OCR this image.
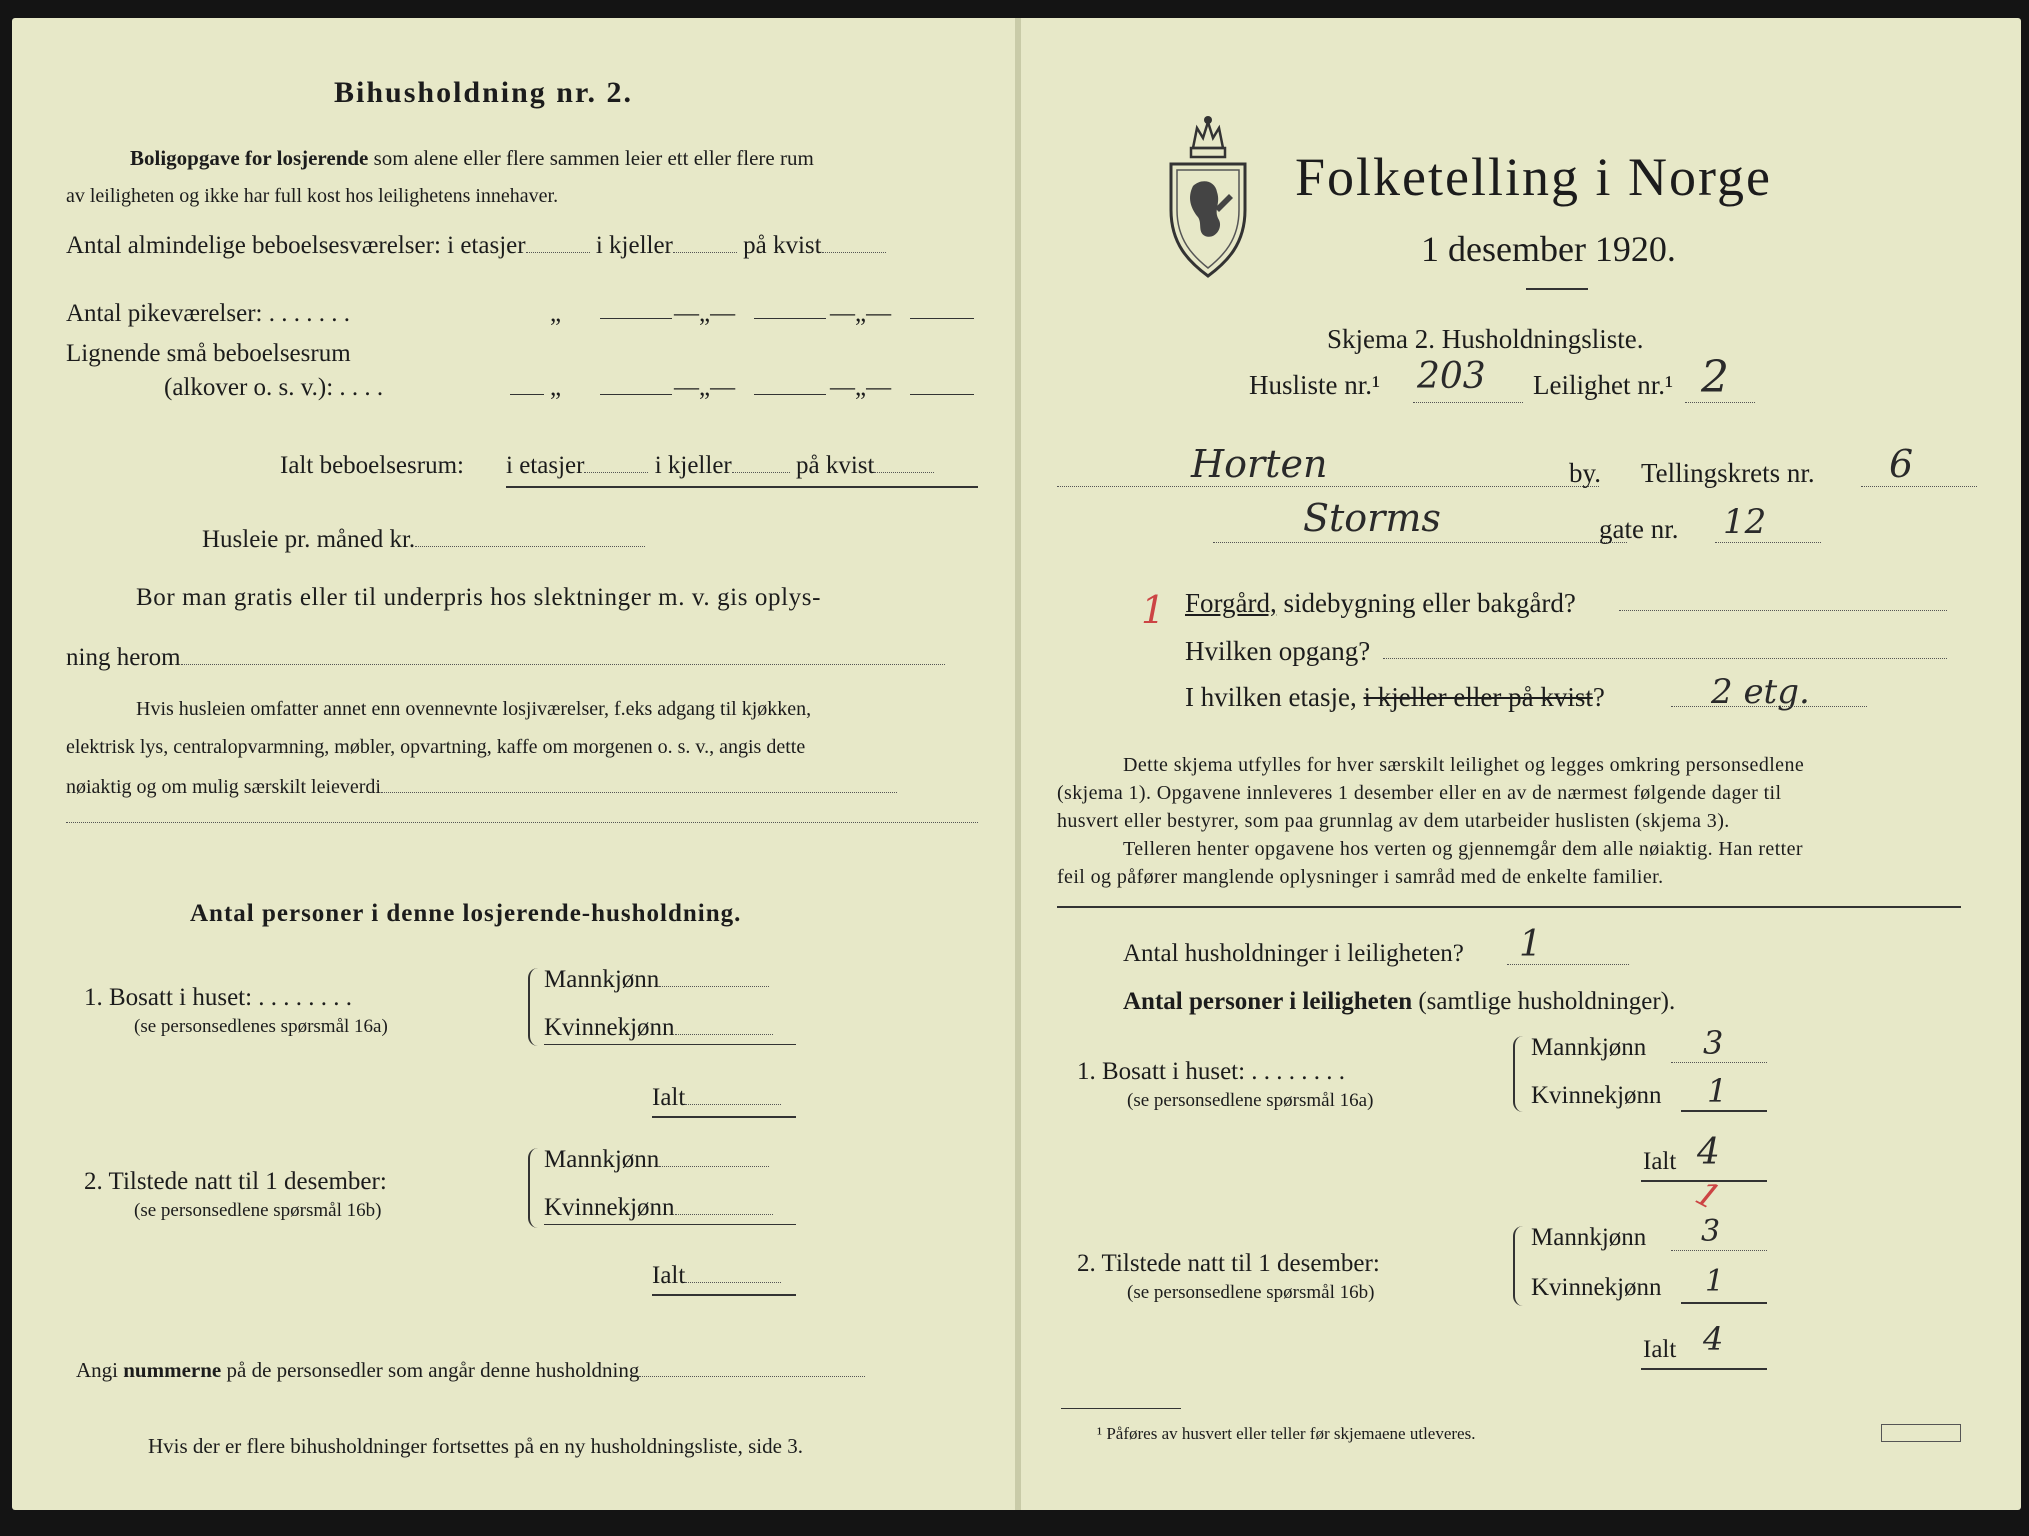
Bihusholdning nr. 2.
Boligopgave for losjerende som alene eller flere sammen leier ett eller flere rum
av leiligheten og ikke har full kost hos leilighetens innehaver.
Antal almindelige beboelsesværelser: i etasjer	i kjeller	på kvist
Antal pikeværelser: . . . . . . .	„	—„—	—„—
Lignende små beboelsesrum
(alkover o. s. v.): . . . .	„	—„—	—„—
Ialt beboelsesrum: i etasjer	i kjeller	på kvist
Husleie pr. måned kr.
Bor man gratis eller til underpris hos slektninger m. v. gis oplys-
ning herom
Hvis husleien omfatter annet enn ovennevnte losjiværelser, f.eks adgang til kjøkken,
elektrisk lys, centralopvarmning, møbler, opvartning, kaffe om morgenen o. s. v., angis dette
nøiaktig og om mulig særskilt leieverdi
Antal personer i denne losjerende-husholdning.
1. Bosatt i huset: . . . . . . . .
(se personsedlenes spørsmål 16a)
Mannkjønn
Kvinnekjønn
Ialt
2. Tilstede natt til 1 desember:
(se personsedlene spørsmål 16b)
Mannkjønn
Kvinnekjønn
Ialt
Angi nummerne på de personsedler som angår denne husholdning
Hvis der er flere bihusholdninger fortsettes på en ny husholdningsliste, side 3.
Folketelling i Norge
1 desember 1920.
Skjema 2. Husholdningsliste.
Husliste nr.¹ 203 Leilighet nr.¹ 2
Horten	by. Tellingskrets nr. 6
Storms	gate nr. 12
1 Forgård, sidebygning eller bakgård?
Hvilken opgang?
I hvilken etasje, i kjeller eller på kvist?	2 etg.
Dette skjema utfylles for hver særskilt leilighet og legges omkring personsedlene
(skjema 1). Opgavene innleveres 1 desember eller en av de nærmest følgende dager til
husvert eller bestyrer, som paa grunnlag av dem utarbeider huslisten (skjema 3).
Telleren henter opgavene hos verten og gjennemgår dem alle nøiaktig. Han retter
feil og påfører manglende oplysninger i samråd med de enkelte familier.
Antal husholdninger i leiligheten? 1
Antal personer i leiligheten (samtlige husholdninger).
1. Bosatt i huset: . . . . . . . .
(se personsedlene spørsmål 16a)
Mannkjønn 3
Kvinnekjønn 1
Ialt 4
1
2. Tilstede natt til 1 desember:
(se personsedlene spørsmål 16b)
Mannkjønn 3
Kvinnekjønn 1
Ialt 4
¹ Påføres av husvert eller teller før skjemaene utleveres.
